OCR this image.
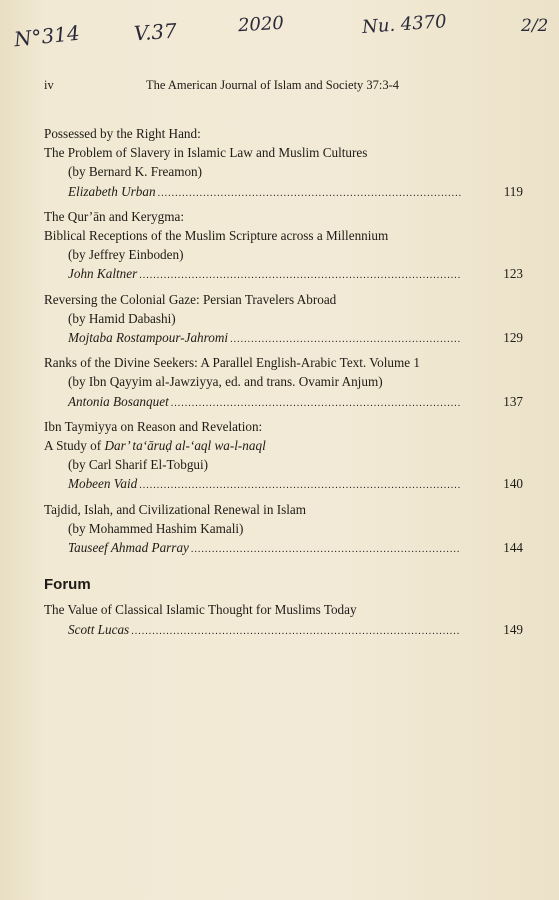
N°314	V.37	2020	Nu. 4370	2/2
iv	The American Journal of Islam and Society 37:3-4
Possessed by the Right Hand:
The Problem of Slavery in Islamic Law and Muslim Cultures
(by Bernard K. Freamon)
Elizabeth Urban .....	119
The Qur’ān and Kerygma:
Biblical Receptions of the Muslim Scripture across a Millennium
(by Jeffrey Einboden)
John Kaltner .....	123
Reversing the Colonial Gaze: Persian Travelers Abroad
(by Hamid Dabashi)
Mojtaba Rostampour-Jahromi .....	129
Ranks of the Divine Seekers: A Parallel English-Arabic Text. Volume 1
(by Ibn Qayyim al-Jawziyya, ed. and trans. Ovamir Anjum)
Antonia Bosanquet .....	137
Ibn Taymiyya on Reason and Revelation:
A Study of Dar’ ta‘āruḍ al-‘aql wa-l-naql
(by Carl Sharif El-Tobgui)
Mobeen Vaid .....	140
Tajdid, Islah, and Civilizational Renewal in Islam
(by Mohammed Hashim Kamali)
Tauseef Ahmad Parray .....	144
Forum
The Value of Classical Islamic Thought for Muslims Today
Scott Lucas .....	149
